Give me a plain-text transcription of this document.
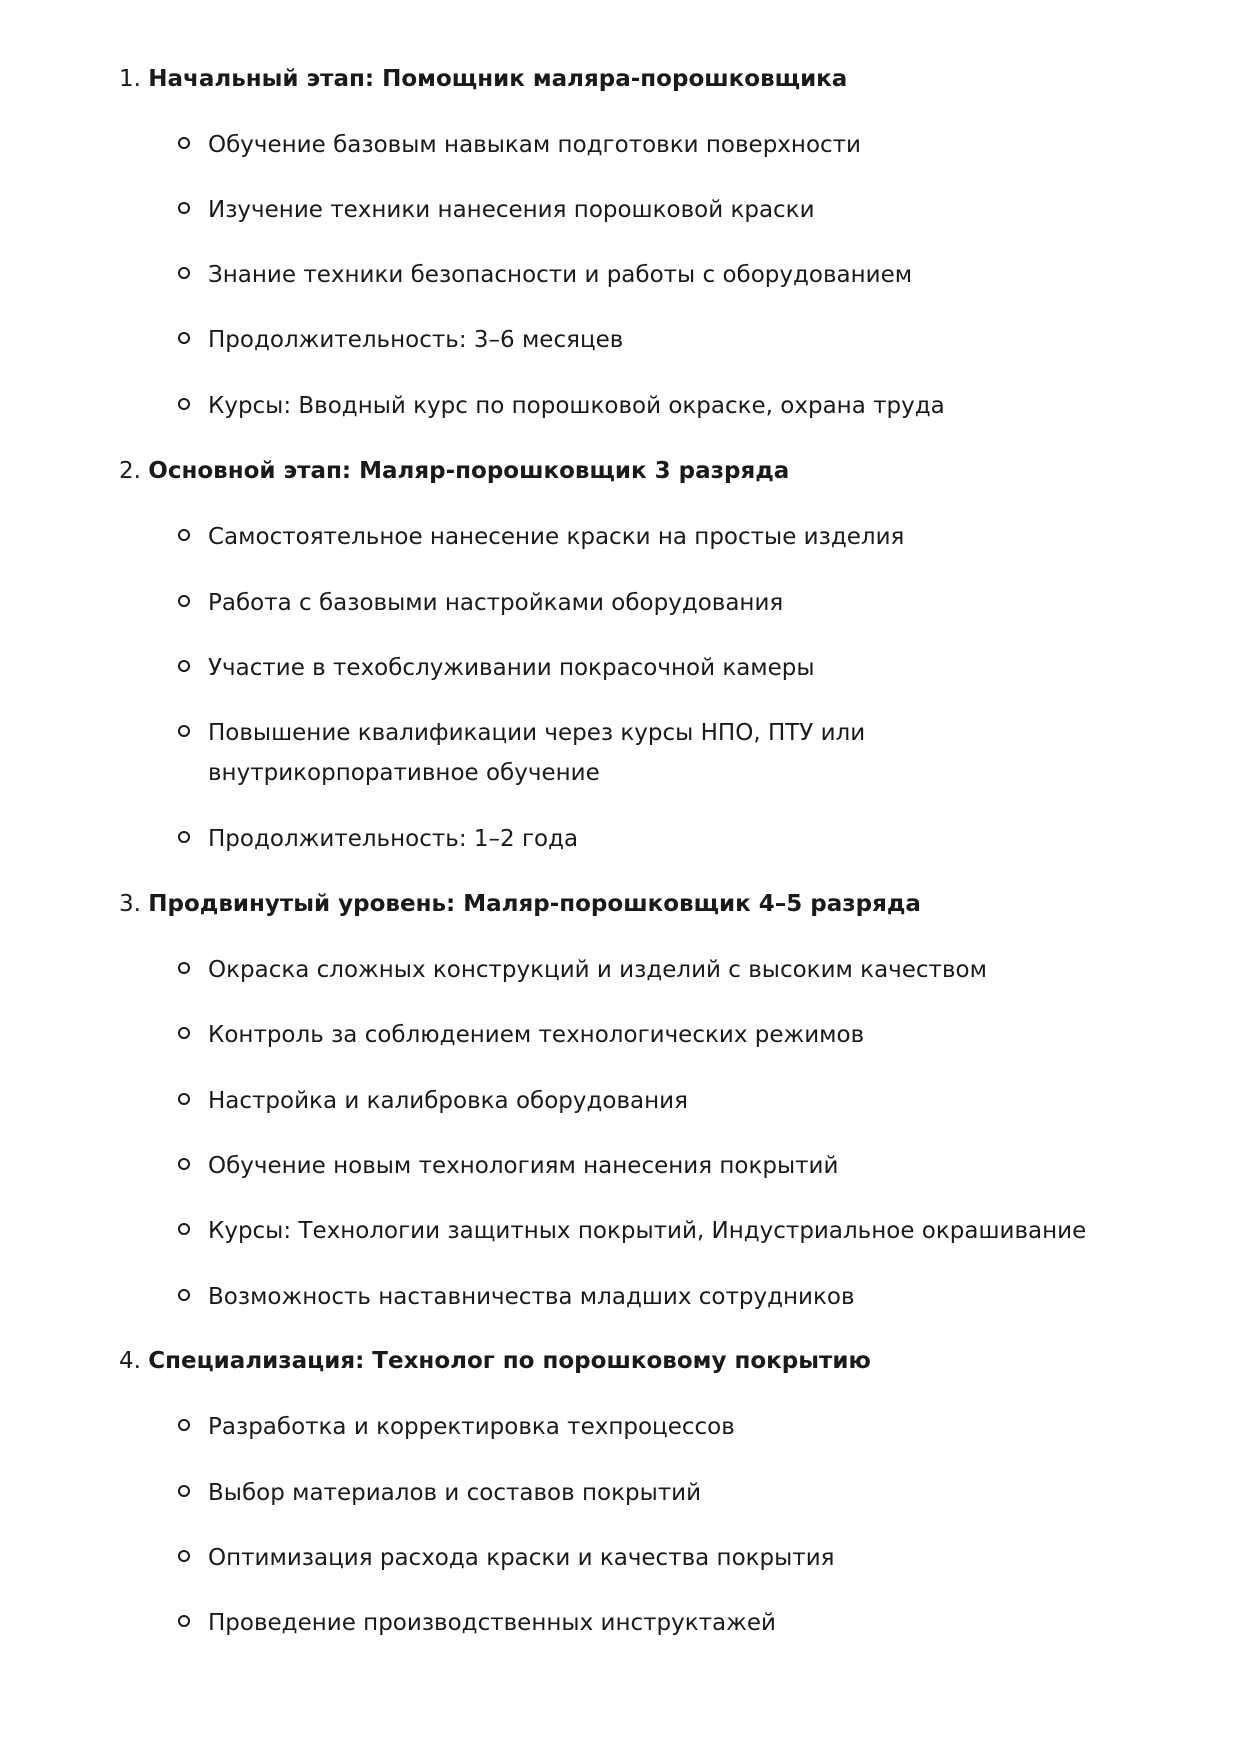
1. Начальный этап: Помощник маляра-порошковщика
Обучение базовым навыкам подготовки поверхности
Изучение техники нанесения порошковой краски
Знание техники безопасности и работы с оборудованием
Продолжительность: 3–6 месяцев
Курсы: Вводный курс по порошковой окраске, охрана труда
2. Основной этап: Маляр-порошковщик 3 разряда
Самостоятельное нанесение краски на простые изделия
Работа с базовыми настройками оборудования
Участие в техобслуживании покрасочной камеры
Повышение квалификации через курсы НПО, ПТУ или внутрикорпоративное обучение
Продолжительность: 1–2 года
3. Продвинутый уровень: Маляр-порошковщик 4–5 разряда
Окраска сложных конструкций и изделий с высоким качеством
Контроль за соблюдением технологических режимов
Настройка и калибровка оборудования
Обучение новым технологиям нанесения покрытий
Курсы: Технологии защитных покрытий, Индустриальное окрашивание
Возможность наставничества младших сотрудников
4. Специализация: Технолог по порошковому покрытию
Разработка и корректировка техпроцессов
Выбор материалов и составов покрытий
Оптимизация расхода краски и качества покрытия
Проведение производственных инструктажей
